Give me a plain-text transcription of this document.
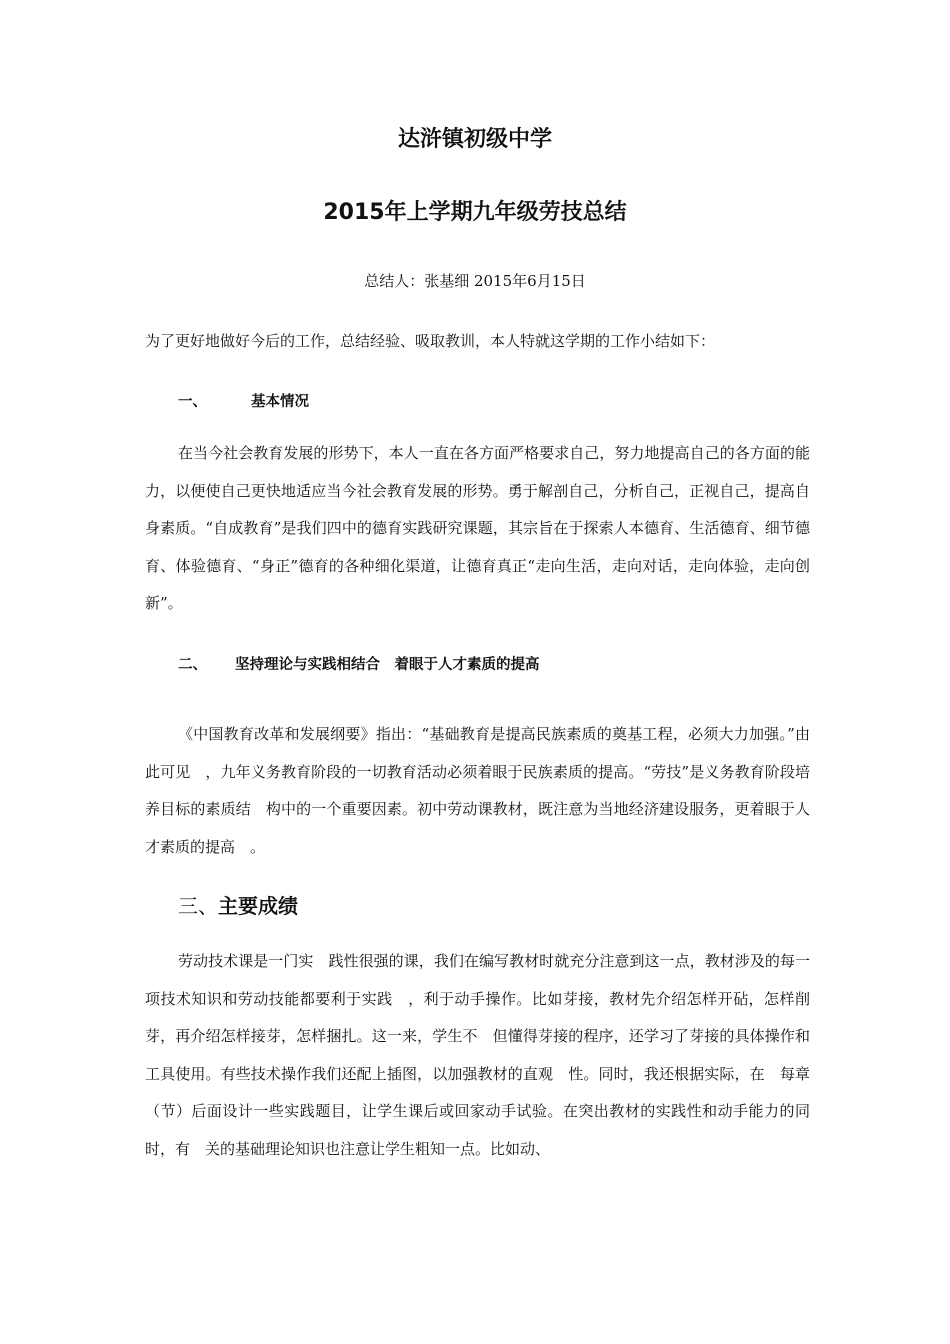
达浒镇初级中学
2015年上学期九年级劳技总结
总结人：张基细 2015年6月15日
为了更好地做好今后的工作，总结经验、吸取教训，本人特就这学期的工作小结如下：
一、	基本情况
在当今社会教育发展的形势下，本人一直在各方面严格要求自己，努力地提高自己的各方面的能力，以便使自己更快地适应当今社会教育发展的形势。勇于解剖自己，分析自己，正视自己，提高自身素质。“自成教育”是我们四中的德育实践研究课题，其宗旨在于探索人本德育、生活德育、细节德育、体验德育、“身正”德育的各种细化渠道，让德育真正“走向生活，走向对话，走向体验，走向创新”。
二、 坚持理论与实践相结合　着眼于人才素质的提高
《中国教育改革和发展纲要》指出：“基础教育是提高民族素质的奠基工程，必须大力加强。”由此可见　，九年义务教育阶段的一切教育活动必须着眼于民族素质的提高。“劳技”是义务教育阶段培养目标的素质结　构中的一个重要因素。初中劳动课教材，既注意为当地经济建设服务，更着眼于人才素质的提高　。
三、主要成绩
劳动技术课是一门实　践性很强的课，我们在编写教材时就充分注意到这一点，教材涉及的每一项技术知识和劳动技能都要利于实践　，利于动手操作。比如芽接，教材先介绍怎样开砧，怎样削芽，再介绍怎样接芽，怎样捆扎。这一来，学生不　但懂得芽接的程序，还学习了芽接的具体操作和工具使用。有些技术操作我们还配上插图，以加强教材的直观　性。同时，我还根据实际，在　每章（节）后面设计一些实践题目，让学生课后或回家动手试验。在突出教材的实践性和动手能力的同时，有　关的基础理论知识也注意让学生粗知一点。比如动、
